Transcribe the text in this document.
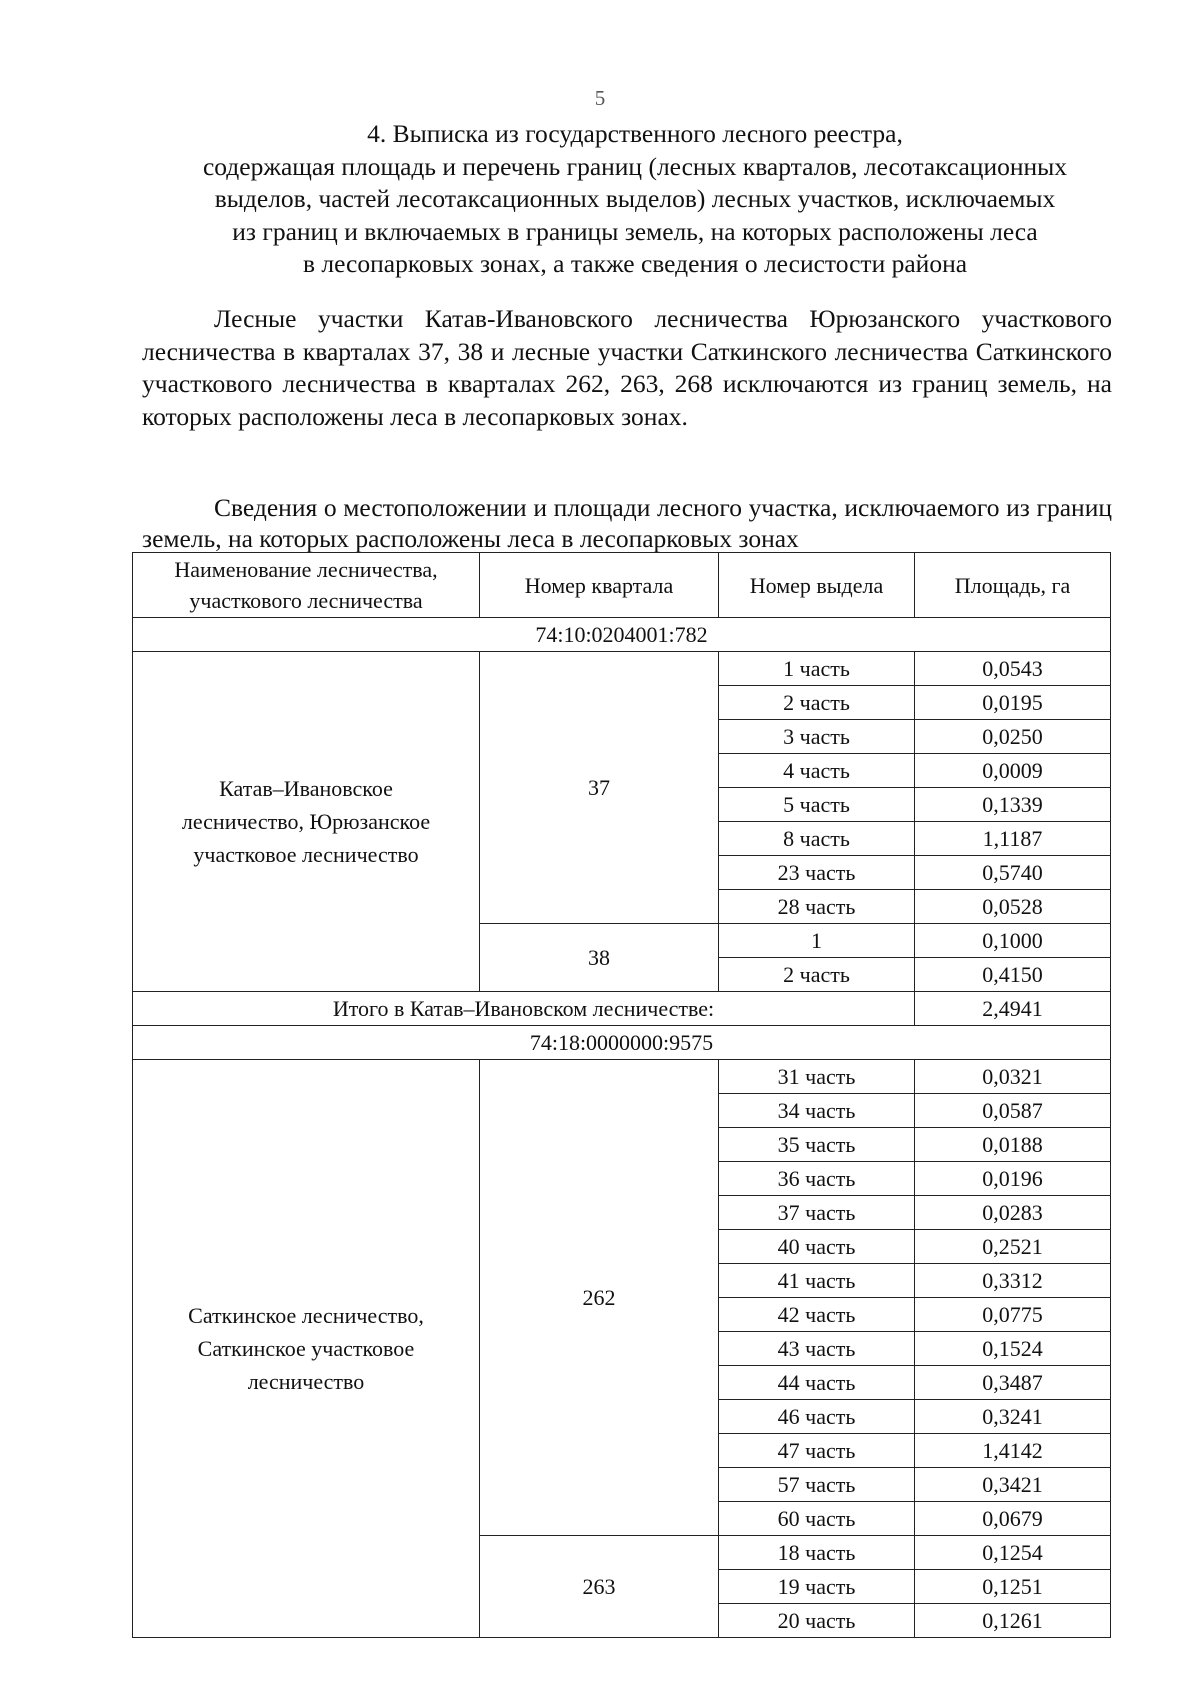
5
4. Выписка из государственного лесного реестра,
содержащая площадь и перечень границ (лесных кварталов, лесотаксационных
выделов, частей лесотаксационных выделов) лесных участков, исключаемых
из границ и включаемых в границы земель, на которых расположены леса
в лесопарковых зонах, а также сведения о лесистости района
Лесные участки Катав-Ивановского лесничества Юрюзанского участкового лесничества в кварталах 37, 38 и лесные участки Саткинского лесничества Саткинского участкового лесничества в кварталах 262, 263, 268 исключаются из границ земель, на которых расположены леса в лесопарковых зонах.
Сведения о местоположении и площади лесного участка, исключаемого из границ земель, на которых расположены леса в лесопарковых зонах
Наименование лесничества,
участкового лесничества	Номер квартала	Номер выдела	Площадь, га
74:10:0204001:782			

Катав–Ивановское
лесничество, Юрюзанское
участковое лесничество	37	1 часть	0,0543
		2 часть	0,0195
		3 часть	0,0250
		4 часть	0,0009
		5 часть	0,1339
		8 часть	1,1187
		23 часть	0,5740
		28 часть	0,0528
	38	1	0,1000
		2 часть	0,4150
Итого в Катав–Ивановском лесничестве:			2,4941
74:18:0000000:9575			

Саткинское лесничество,
Саткинское участковое
лесничество	262	31 часть	0,0321
		34 часть	0,0587
		35 часть	0,0188
		36 часть	0,0196
		37 часть	0,0283
		40 часть	0,2521
		41 часть	0,3312
		42 часть	0,0775
		43 часть	0,1524
		44 часть	0,3487
		46 часть	0,3241
		47 часть	1,4142
		57 часть	0,3421
		60 часть	0,0679
	263	18 часть	0,1254
		19 часть	0,1251
		20 часть	0,1261
